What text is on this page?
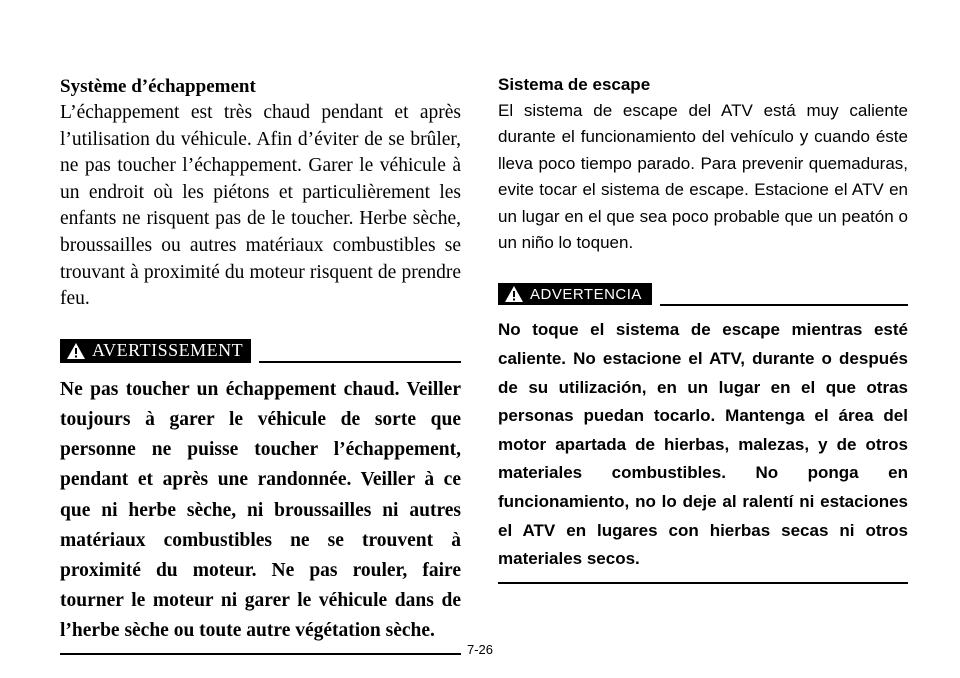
Système d’échappement
L’échappement est très chaud pendant et après l’utilisation du véhicule. Afin d’éviter de se brûler, ne pas toucher l’échappement. Garer le véhicule à un endroit où les piétons et particulièrement les enfants ne risquent pas de le toucher. Herbe sèche, broussailles ou autres matériaux combustibles se trouvant à proximité du moteur risquent de prendre feu.
AVERTISSEMENT
Ne pas toucher un échappement chaud. Veiller toujours à garer le véhicule de sorte que personne ne puisse toucher l’échappement, pendant et après une randonnée. Veiller à ce que ni herbe sèche, ni broussailles ni autres matériaux combustibles ne se trouvent à proximité du moteur. Ne pas rouler, faire tourner le moteur ni garer le véhicule dans de l’herbe sèche ou toute autre végétation sèche.
Sistema de escape
El sistema de escape del ATV está muy caliente durante el funcionamiento del vehículo y cuando éste lleva poco tiempo parado. Para prevenir quemaduras, evite tocar el sistema de escape. Estacione el ATV en un lugar en el que sea poco probable que un peatón o un niño lo toquen.
ADVERTENCIA
No toque el sistema de escape mientras esté caliente. No estacione el ATV, durante o después de su utilización, en un lugar en el que otras personas puedan tocarlo. Mantenga el área del motor apartada de hierbas, malezas, y de otros materiales combustibles. No ponga en funcionamiento, no lo deje al ralentí ni estaciones el ATV en lugares con hierbas secas ni otros materiales secos.
7-26
